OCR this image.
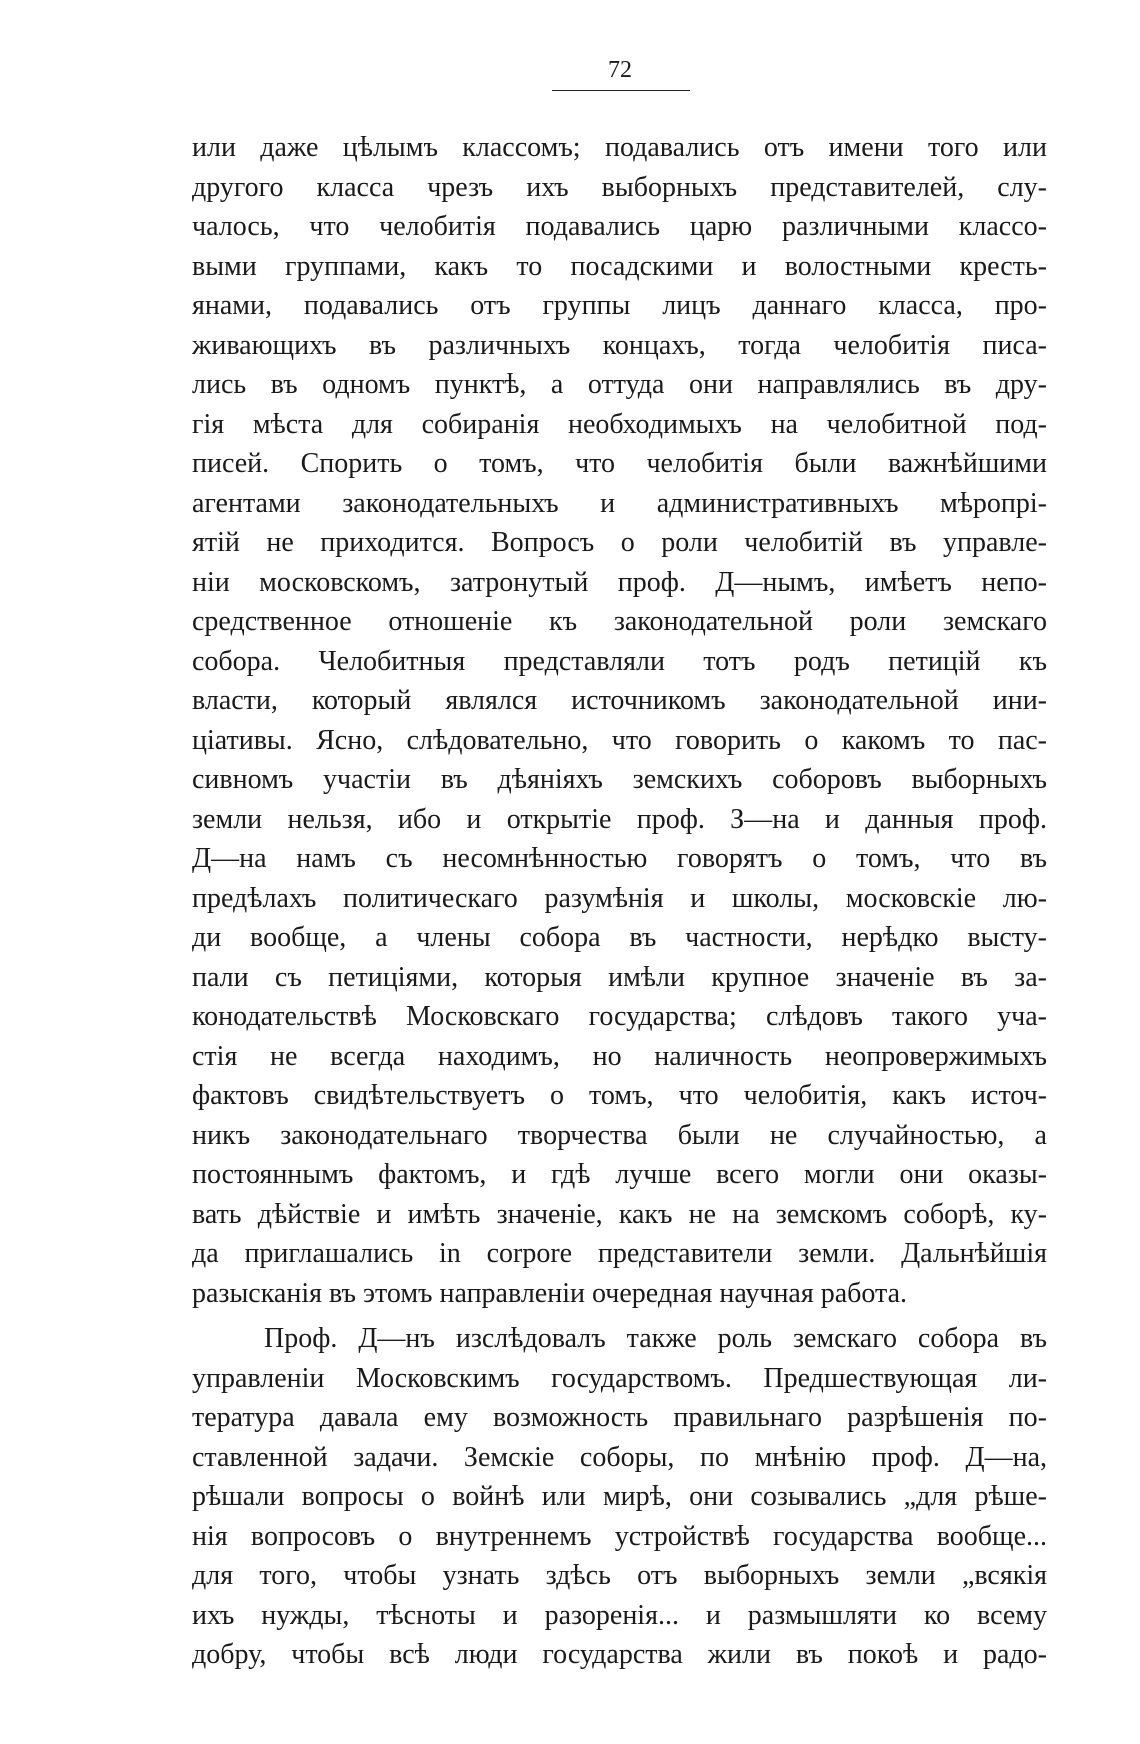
72
или даже цѣлымъ классомъ; подавались отъ имени того или
другого класса чрезъ ихъ выборныхъ представителей, слу-
чалось, что челобитія подавались царю различными классо-
выми группами, какъ то посадскими и волостными кресть-
янами, подавались отъ группы лицъ даннаго класса, про-
живающихъ въ различныхъ концахъ, тогда челобитія писа-
лись въ одномъ пунктѣ, а оттуда они направлялись въ дру-
гія мѣста для собиранія необходимыхъ на челобитной под-
писей. Спорить о томъ, что челобитія были важнѣйшими
агентами законодательныхъ и административныхъ мѣропрі-
ятій не приходится. Вопросъ о роли челобитій въ управле-
ніи московскомъ, затронутый проф. Д—нымъ, имѣетъ непо-
средственное отношеніе къ законодательной роли земскаго
собора. Челобитныя представляли тотъ родъ петицій къ
власти, который являлся источникомъ законодательной ини-
ціативы. Ясно, слѣдовательно, что говорить о какомъ то пас-
сивномъ участіи въ дѣяніяхъ земскихъ соборовъ выборныхъ
земли нельзя, ибо и открытіе проф. З—на и данныя проф.
Д—на намъ съ несомнѣнностью говорятъ о томъ, что въ
предѣлахъ политическаго разумѣнія и школы, московскіе лю-
ди вообще, а члены собора въ частности, нерѣдко высту-
пали съ петиціями, которыя имѣли крупное значеніе въ за-
конодательствѣ Московскаго государства; слѣдовъ такого уча-
стія не всегда находимъ, но наличность неопровержимыхъ
фактовъ свидѣтельствуетъ о томъ, что челобитія, какъ источ-
никъ законодательнаго творчества были не случайностью, а
постояннымъ фактомъ, и гдѣ лучше всего могли они оказы-
вать дѣйствіе и имѣть значеніе, какъ не на земскомъ соборѣ, ку-
да приглашались in corpore представители земли. Дальнѣйшія
разысканія въ этомъ направленіи очередная научная работа.
Проф. Д—нъ изслѣдовалъ также роль земскаго собора въ
управленіи Московскимъ государствомъ. Предшествующая ли-
тература давала ему возможность правильнаго разрѣшенія по-
ставленной задачи. Земскіе соборы, по мнѣнію проф. Д—на,
рѣшали вопросы о войнѣ или мирѣ, они созывались „для рѣше-
нія вопросовъ о внутреннемъ устройствѣ государства вообще...
для того, чтобы узнать здѣсь отъ выборныхъ земли „всякія
ихъ нужды, тѣсноты и разоренія... и размышляти ко всему
добру, чтобы всѣ люди государства жили въ покоѣ и радо-
